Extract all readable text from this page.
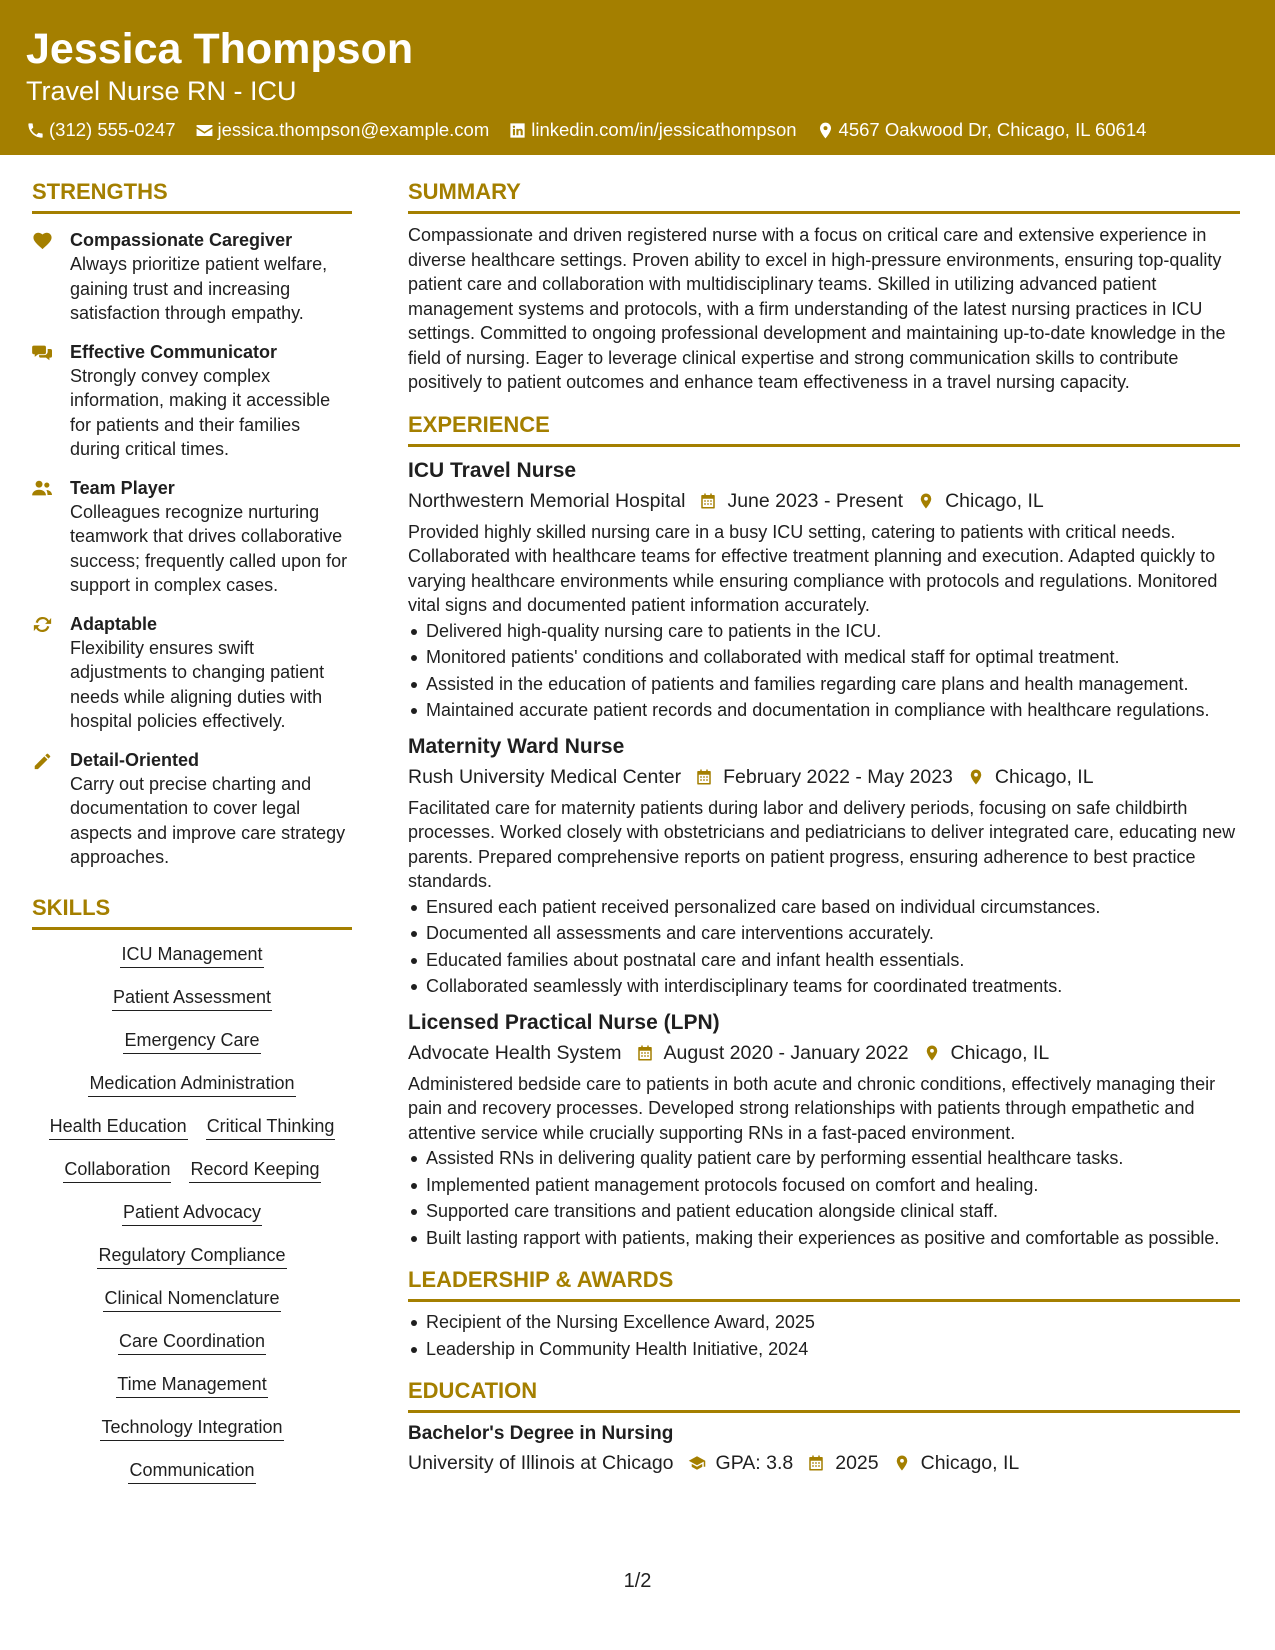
Jessica Thompson
Travel Nurse RN - ICU
(312) 555-0247 jessica.thompson@example.com linkedin.com/in/jessicathompson 4567 Oakwood Dr, Chicago, IL 60614
STRENGTHS
Compassionate Caregiver
Always prioritize patient welfare, gaining trust and increasing satisfaction through empathy.
Effective Communicator
Strongly convey complex information, making it accessible for patients and their families during critical times.
Team Player
Colleagues recognize nurturing teamwork that drives collaborative success; frequently called upon for support in complex cases.
Adaptable
Flexibility ensures swift adjustments to changing patient needs while aligning duties with hospital policies effectively.
Detail-Oriented
Carry out precise charting and documentation to cover legal aspects and improve care strategy approaches.
SKILLS
ICU Management
Patient Assessment
Emergency Care
Medication Administration
Health Education Critical Thinking
Collaboration Record Keeping
Patient Advocacy
Regulatory Compliance
Clinical Nomenclature
Care Coordination
Time Management
Technology Integration
Communication
SUMMARY
Compassionate and driven registered nurse with a focus on critical care and extensive experience in diverse healthcare settings. Proven ability to excel in high-pressure environments, ensuring top-quality patient care and collaboration with multidisciplinary teams. Skilled in utilizing advanced patient management systems and protocols, with a firm understanding of the latest nursing practices in ICU settings. Committed to ongoing professional development and maintaining up-to-date knowledge in the field of nursing. Eager to leverage clinical expertise and strong communication skills to contribute positively to patient outcomes and enhance team effectiveness in a travel nursing capacity.
EXPERIENCE
ICU Travel Nurse
Northwestern Memorial Hospital June 2023 - Present Chicago, IL
Provided highly skilled nursing care in a busy ICU setting, catering to patients with critical needs. Collaborated with healthcare teams for effective treatment planning and execution. Adapted quickly to varying healthcare environments while ensuring compliance with protocols and regulations. Monitored vital signs and documented patient information accurately.
Delivered high-quality nursing care to patients in the ICU.
Monitored patients' conditions and collaborated with medical staff for optimal treatment.
Assisted in the education of patients and families regarding care plans and health management.
Maintained accurate patient records and documentation in compliance with healthcare regulations.
Maternity Ward Nurse
Rush University Medical Center February 2022 - May 2023 Chicago, IL
Facilitated care for maternity patients during labor and delivery periods, focusing on safe childbirth processes. Worked closely with obstetricians and pediatricians to deliver integrated care, educating new parents. Prepared comprehensive reports on patient progress, ensuring adherence to best practice standards.
Ensured each patient received personalized care based on individual circumstances.
Documented all assessments and care interventions accurately.
Educated families about postnatal care and infant health essentials.
Collaborated seamlessly with interdisciplinary teams for coordinated treatments.
Licensed Practical Nurse (LPN)
Advocate Health System August 2020 - January 2022 Chicago, IL
Administered bedside care to patients in both acute and chronic conditions, effectively managing their pain and recovery processes. Developed strong relationships with patients through empathetic and attentive service while crucially supporting RNs in a fast-paced environment.
Assisted RNs in delivering quality patient care by performing essential healthcare tasks.
Implemented patient management protocols focused on comfort and healing.
Supported care transitions and patient education alongside clinical staff.
Built lasting rapport with patients, making their experiences as positive and comfortable as possible.
LEADERSHIP & AWARDS
Recipient of the Nursing Excellence Award, 2025
Leadership in Community Health Initiative, 2024
EDUCATION
Bachelor's Degree in Nursing
University of Illinois at Chicago GPA: 3.8 2025 Chicago, IL
1/2
